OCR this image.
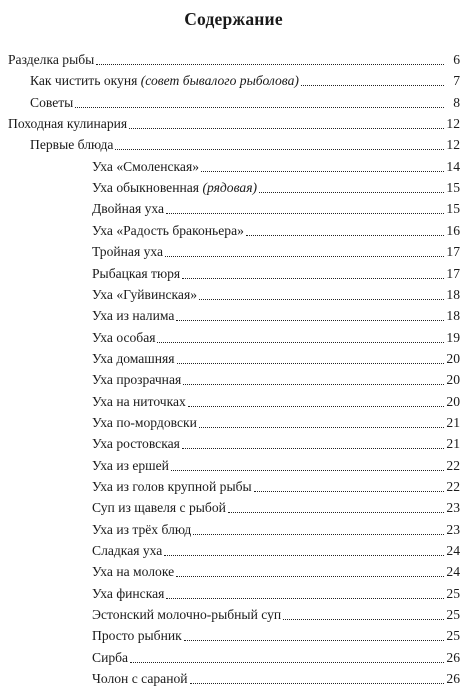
Содержание
Разделка рыбы	6
Как чистить окуня (совет бывалого рыболова)	7
Советы	8
Походная кулинария	12
Первые блюда	12
Уха «Смоленская»	14
Уха обыкновенная (рядовая)	15
Двойная уха	15
Уха «Радость браконьера»	16
Тройная уха	17
Рыбацкая тюря	17
Уха «Гуйвинская»	18
Уха из налима	18
Уха особая	19
Уха домашняя	20
Уха прозрачная	20
Уха на ниточках	20
Уха по-мордовски	21
Уха ростовская	21
Уха из ершей	22
Уха из голов крупной рыбы	22
Суп из щавеля с рыбой	23
Уха из трёх блюд	23
Сладкая уха	24
Уха на молоке	24
Уха финская	25
Эстонский молочно-рыбный суп	25
Просто рыбник	25
Сирба	26
Чолон с сараной	26
